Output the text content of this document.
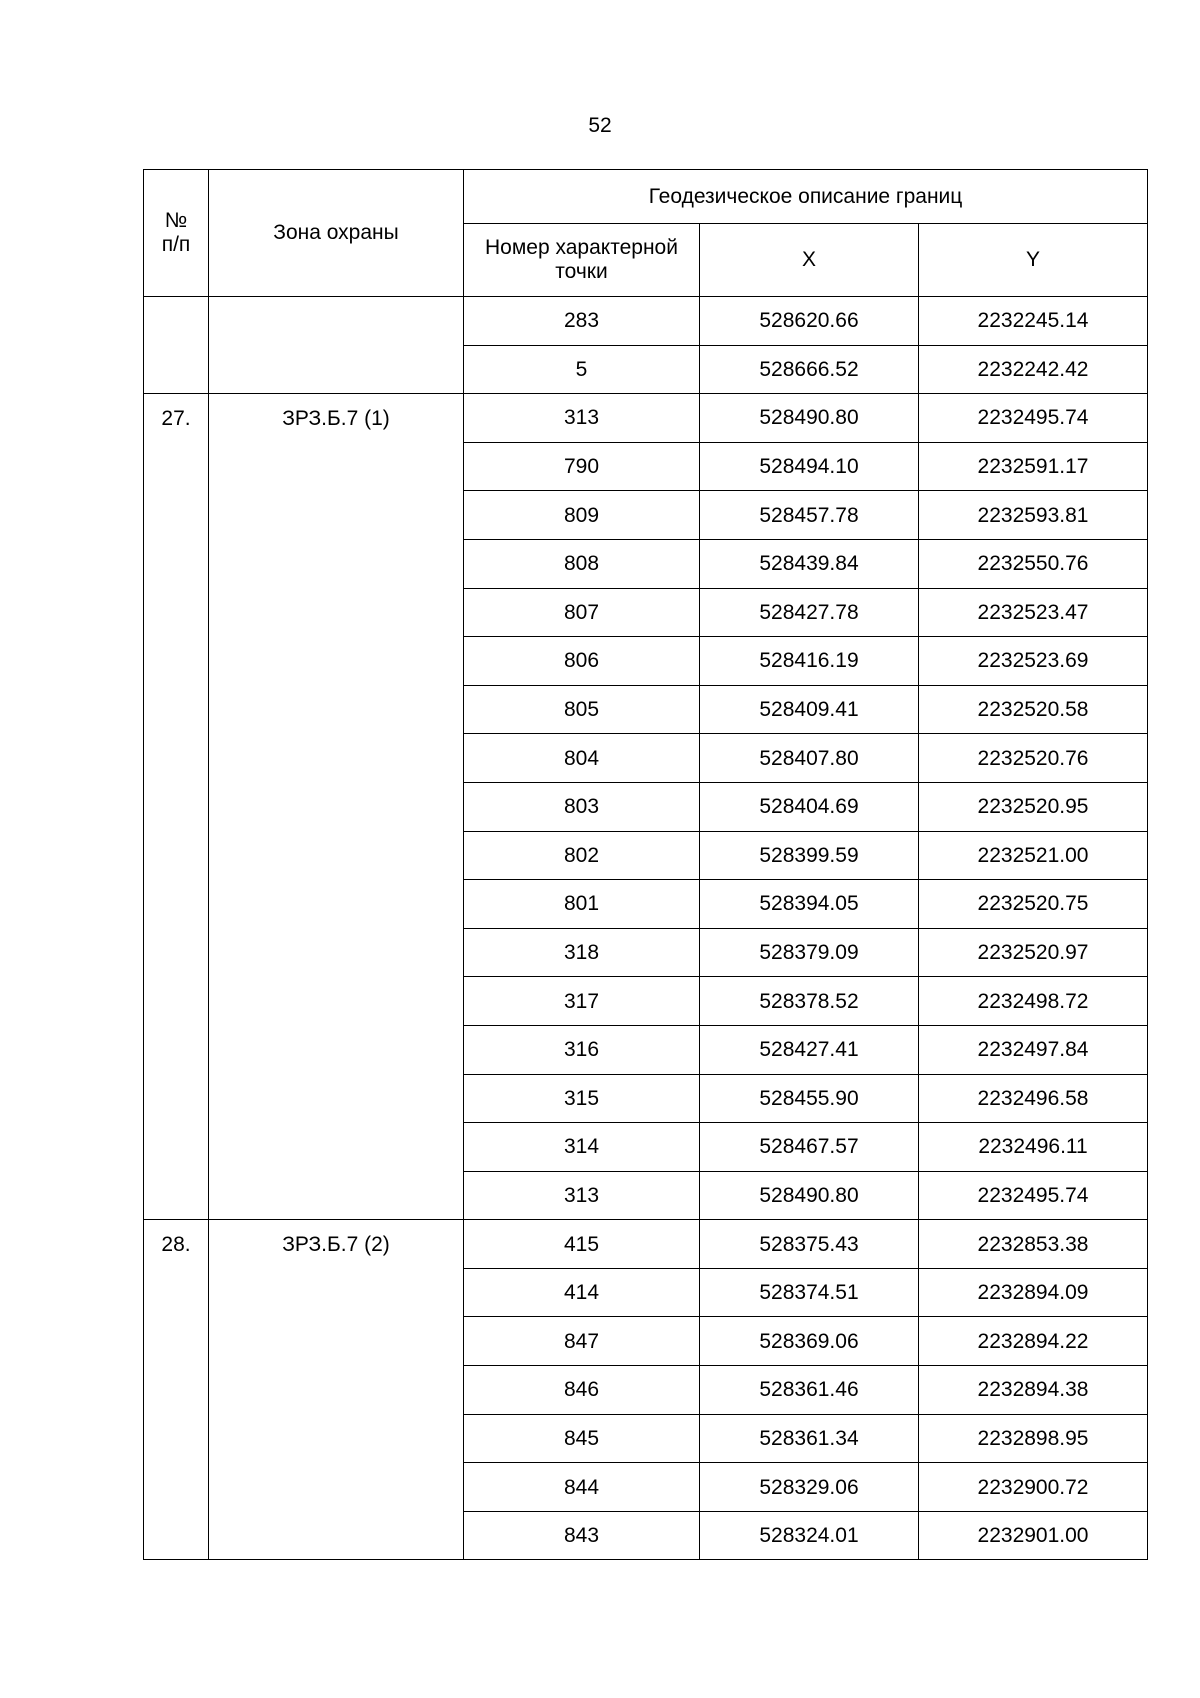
52
№ п/п	Зона охраны	Геодезическое описание границ		
		Номер характерной точки	X	Y
		283	528620.66	2232245.14
		5	528666.52	2232242.42
27.	ЗРЗ.Б.7 (1)	313	528490.80	2232495.74
		790	528494.10	2232591.17
		809	528457.78	2232593.81
		808	528439.84	2232550.76
		807	528427.78	2232523.47
		806	528416.19	2232523.69
		805	528409.41	2232520.58
		804	528407.80	2232520.76
		803	528404.69	2232520.95
		802	528399.59	2232521.00
		801	528394.05	2232520.75
		318	528379.09	2232520.97
		317	528378.52	2232498.72
		316	528427.41	2232497.84
		315	528455.90	2232496.58
		314	528467.57	2232496.11
		313	528490.80	2232495.74
28.	ЗРЗ.Б.7 (2)	415	528375.43	2232853.38
		414	528374.51	2232894.09
		847	528369.06	2232894.22
		846	528361.46	2232894.38
		845	528361.34	2232898.95
		844	528329.06	2232900.72
		843	528324.01	2232901.00
